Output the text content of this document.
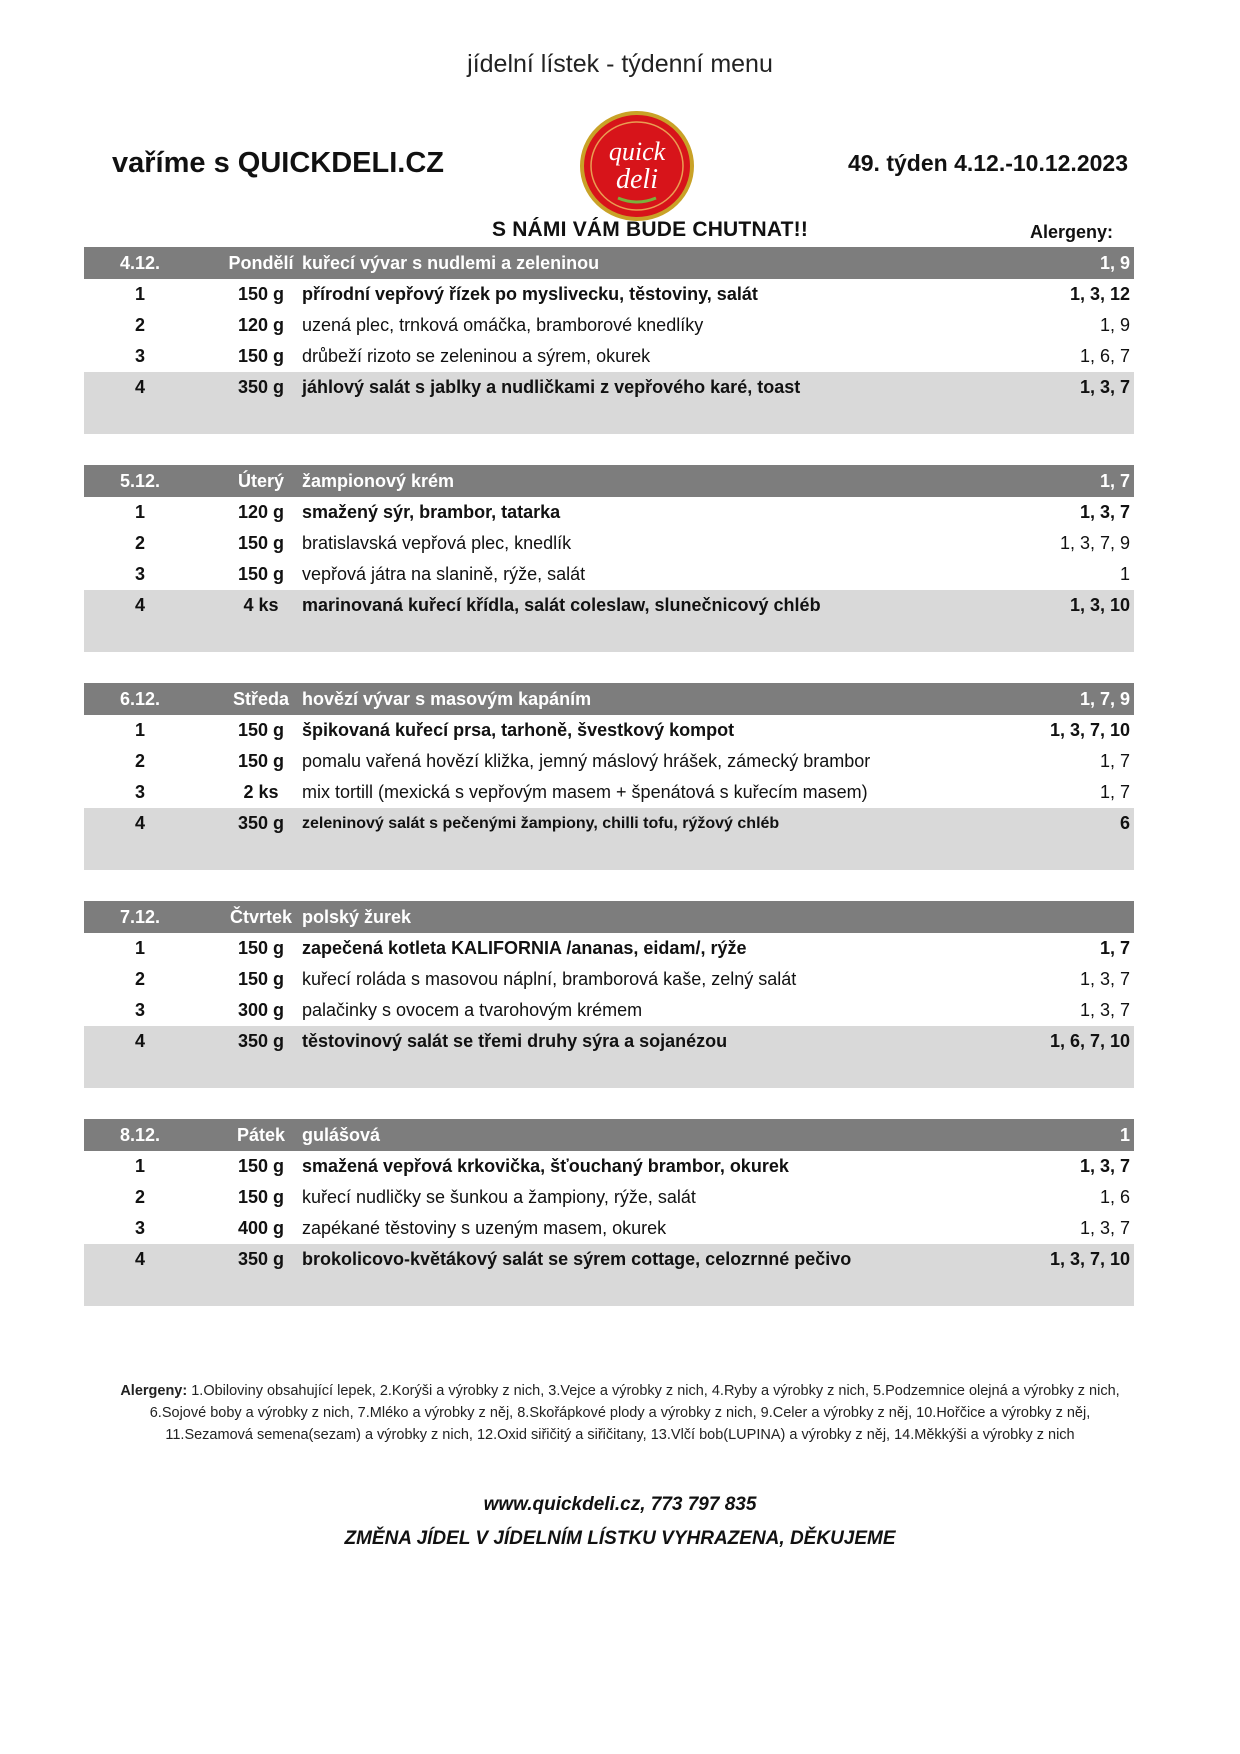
jídelní lístek - týdenní menu
vaříme s QUICKDELI.CZ	49. týden 4.12.-10.12.2023
quick
deli
S NÁMI VÁM BUDE CHUTNAT!!	Alergeny:
4.12.	Pondělí kuřecí vývar s nudlemi a zeleninou	1, 9
1	150 g přírodní vepřový řízek po myslivecku, těstoviny, salát	1, 3, 12
2	120 g uzená plec, trnková omáčka, bramborové knedlíky	1, 9
3	150 g drůbeží rizoto se zeleninou a sýrem, okurek	1, 6, 7
4	350 g jáhlový salát s jablky a nudličkami z vepřového karé, toast	1, 3, 7
5.12.	Úterý žampionový krém	1, 7
1	120 g smažený sýr, brambor, tatarka	1, 3, 7
2	150 g bratislavská vepřová plec, knedlík	1, 3, 7, 9
3	150 g vepřová játra na slanině, rýže, salát	1
4	4 ks	marinovaná kuřecí křídla, salát coleslaw, slunečnicový chléb	1, 3, 10
6.12.	Středa hovězí vývar s masovým kapáním	1, 7, 9
1	150 g špikovaná kuřecí prsa, tarhoně, švestkový kompot	1, 3, 7, 10
2	150 g pomalu vařená hovězí kližka, jemný máslový hrášek, zámecký brambor	1, 7
3	2 ks	mix tortill (mexická s vepřovým masem + špenátová s kuřecím masem)	1, 7
4	350 g	zeleninový salát s pečenými žampiony, chilli tofu, rýžový chléb	6
7.12.	Čtvrtek polský žurek
1	150 g zapečená kotleta KALIFORNIA /ananas, eidam/, rýže	1, 7
2	150 g kuřecí roláda s masovou náplní, bramborová kaše, zelný salát	1, 3, 7
3	300 g palačinky s ovocem a tvarohovým krémem	1, 3, 7
4	350 g těstovinový salát se třemi druhy sýra a sojanézou	1, 6, 7, 10
8.12.	Pátek gulášová	1
1	150 g smažená vepřová krkovička, šťouchaný brambor, okurek	1, 3, 7
2	150 g kuřecí nudličky se šunkou a žampiony, rýže, salát	1, 6
3	400 g zapékané těstoviny s uzeným masem, okurek	1, 3, 7
4	350 g brokolicovo-květákový salát se sýrem cottage, celozrnné pečivo	1, 3, 7, 10
Alergeny: 1.Obiloviny obsahující lepek, 2.Korýši a výrobky z nich, 3.Vejce a výrobky z nich, 4.Ryby a výrobky z nich, 5.Podzemnice olejná a výrobky z nich,
6.Sojové boby a výrobky z nich, 7.Mléko a výrobky z něj, 8.Skořápkové plody a výrobky z nich, 9.Celer a výrobky z něj, 10.Hořčice a výrobky z něj,
11.Sezamová semena(sezam) a výrobky z nich, 12.Oxid siřičitý a siřičitany, 13.Vlčí bob(LUPINA) a výrobky z něj, 14.Měkkýši a výrobky z nich
www.quickdeli.cz, 773 797 835
ZMĚNA JÍDEL V JÍDELNÍM LÍSTKU VYHRAZENA, DĚKUJEME
